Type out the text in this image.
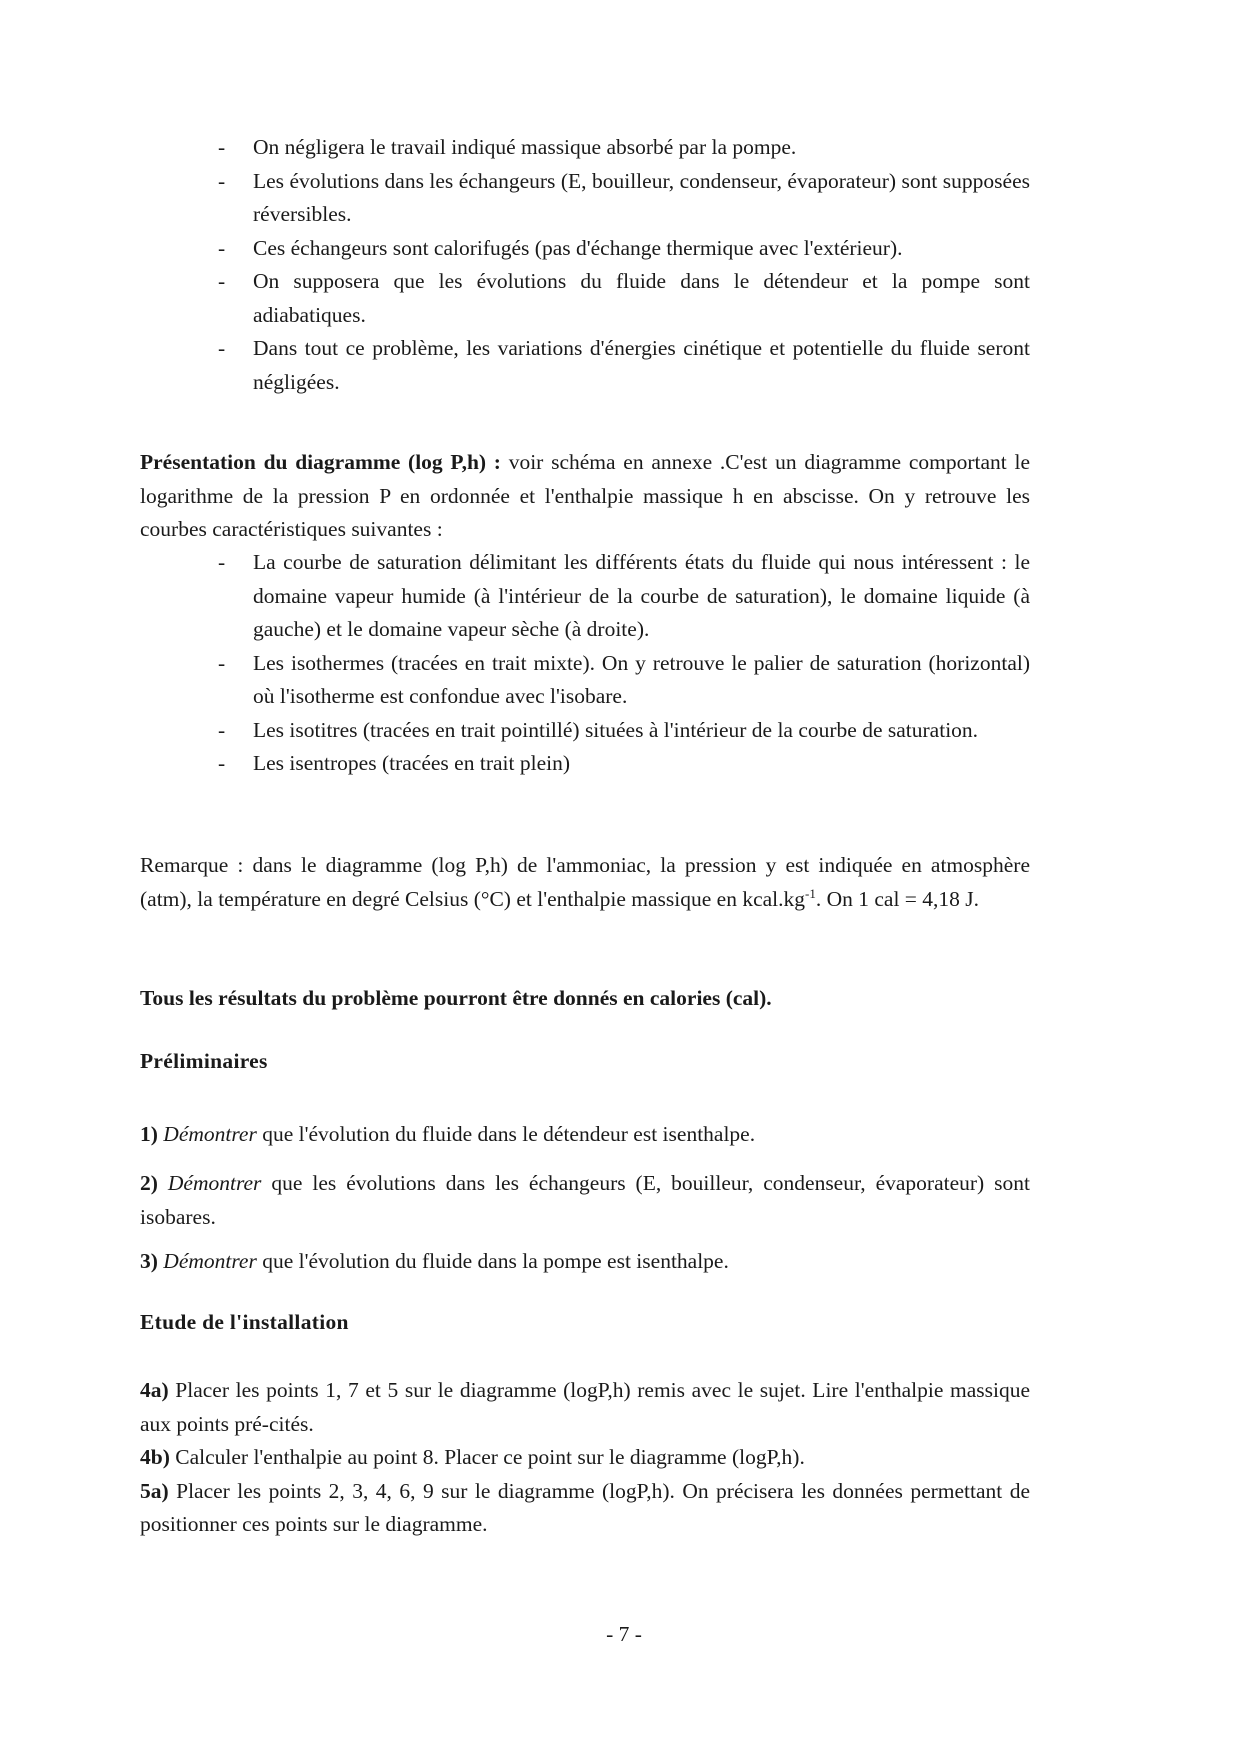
- On négligera le travail indiqué massique absorbé par la pompe.
- Les évolutions dans les échangeurs (E, bouilleur, condenseur, évaporateur) sont supposées réversibles.
- Ces échangeurs sont calorifugés (pas d'échange thermique avec l'extérieur).
- On supposera que les évolutions du fluide dans le détendeur et la pompe sont adiabatiques.
- Dans tout ce problème, les variations d'énergies cinétique et potentielle du fluide seront négligées.

Présentation du diagramme (log P,h) : voir schéma en annexe .C'est un diagramme comportant le logarithme de la pression P en ordonnée et l'enthalpie massique h en abscisse. On y retrouve les courbes caractéristiques suivantes :

- La courbe de saturation délimitant les différents états du fluide qui nous intéressent : le domaine vapeur humide (à l'intérieur de la courbe de saturation), le domaine liquide (à gauche) et le domaine vapeur sèche (à droite).
- Les isothermes (tracées en trait mixte). On y retrouve le palier de saturation (horizontal) où l'isotherme est confondue avec l'isobare.
- Les isotitres (tracées en trait pointillé) situées à l'intérieur de la courbe de saturation.
- Les isentropes (tracées en trait plein)

Remarque : dans le diagramme (log P,h) de l'ammoniac, la pression y est indiquée en atmosphère (atm), la température en degré Celsius (°C) et l'enthalpie massique en $kcal.kg^{-1}$. On 1 cal = 4,18 J.

Tous les résultats du problème pourront être donnés en calories (cal).

Préliminaires

1) Démontrer que l'évolution du fluide dans le détendeur est isenthalpe.

2) Démontrer que les évolutions dans les échangeurs (E, bouilleur, condenseur, évaporateur) sont isobares.

3) Démontrer que l'évolution du fluide dans la pompe est isenthalpe.

Etude de l'installation

4a) Placer les points 1, 7 et 5 sur le diagramme (logP,h) remis avec le sujet. Lire l'enthalpie massique aux points pré-cités.

4b) Calculer l'enthalpie au point 8. Placer ce point sur le diagramme (logP,h).

5a) Placer les points 2, 3, 4, 6, 9 sur le diagramme (logP,h). On précisera les données permettant de positionner ces points sur le diagramme.

- 7 -
